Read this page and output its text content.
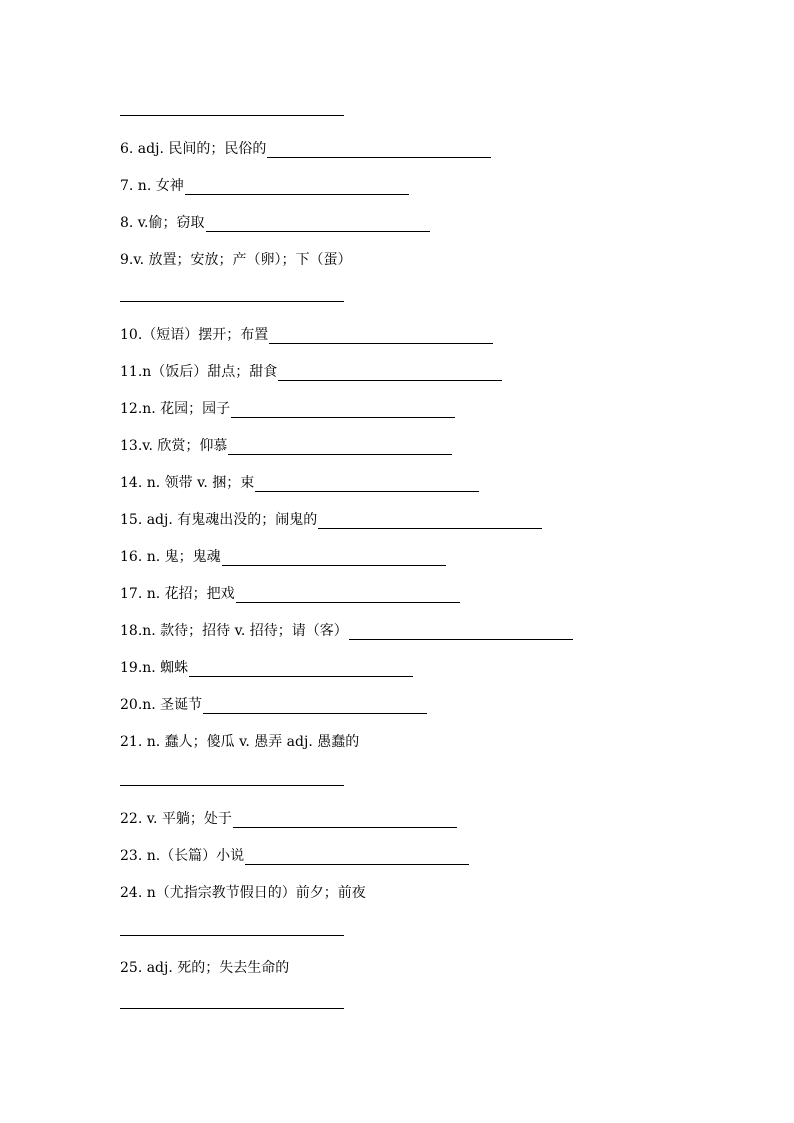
6. adj. 民间的；民俗的
7. n. 女神
8. v.偷；窃取
9.v. 放置；安放；产（卵）；下（蛋）
10.（短语）摆开；布置
11.n（饭后）甜点；甜食
12.n. 花园；园子
13.v. 欣赏；仰慕
14. n. 领带 v. 捆；束
15. adj. 有鬼魂出没的；闹鬼的
16. n. 鬼；鬼魂
17. n. 花招；把戏
18.n. 款待；招待 v. 招待；请（客）
19.n. 蜘蛛
20.n. 圣诞节
21. n. 蠢人；傻瓜 v. 愚弄 adj. 愚蠢的
22. v. 平躺；处于
23. n.（长篇）小说
24. n（尤指宗教节假日的）前夕；前夜
25. adj. 死的；失去生命的
